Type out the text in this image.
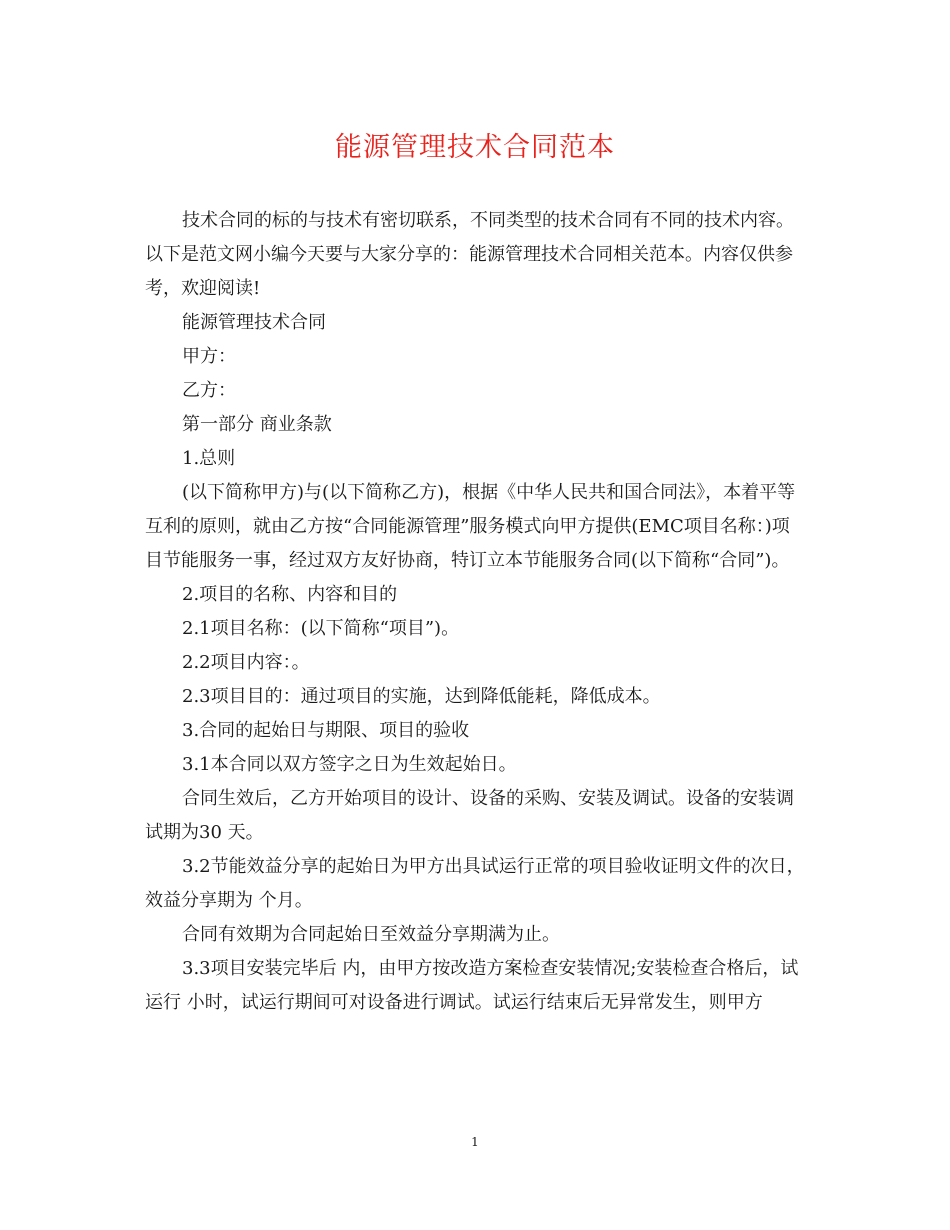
能源管理技术合同范本

技术合同的标的与技术有密切联系，不同类型的技术合同有不同的技术内容。以下是范文网小编今天要与大家分享的：能源管理技术合同相关范本。内容仅供参考，欢迎阅读!

能源管理技术合同

甲方：

乙方：

第一部分 商业条款

1.总则

(以下简称甲方)与(以下简称乙方)，根据《中华人民共和国合同法》，本着平等互利的原则，就由乙方按“合同能源管理”服务模式向甲方提供(EMC项目名称：)项目节能服务一事，经过双方友好协商，特订立本节能服务合同(以下简称“合同”)。

2.项目的名称、内容和目的

2.1项目名称：(以下简称“项目”)。

2.2项目内容：。

2.3项目目的：通过项目的实施，达到降低能耗，降低成本。

3.合同的起始日与期限、项目的验收

3.1本合同以双方签字之日为生效起始日。

合同生效后，乙方开始项目的设计、设备的采购、安装及调试。设备的安装调试期为30 天。

3.2节能效益分享的起始日为甲方出具试运行正常的项目验收证明文件的次日，效益分享期为 个月。

合同有效期为合同起始日至效益分享期满为止。

3.3项目安装完毕后 内，由甲方按改造方案检查安装情况;安装检查合格后，试运行 小时，试运行期间可对设备进行调试。试运行结束后无异常发生，则甲方

1
